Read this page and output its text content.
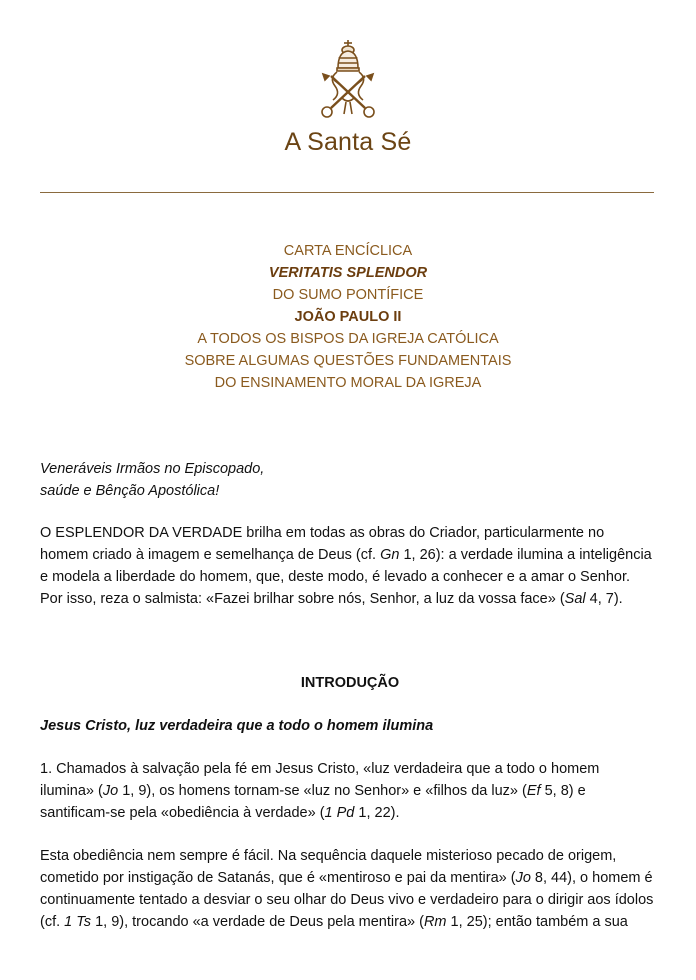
A Santa Sé
CARTA ENCÍCLICA
VERITATIS SPLENDOR
DO SUMO PONTÍFICE
JOÃO PAULO II
A TODOS OS BISPOS DA IGREJA CATÓLICA
SOBRE ALGUMAS QUESTÕES FUNDAMENTAIS
DO ENSINAMENTO MORAL DA IGREJA
Veneráveis Irmãos no Episcopado,
saúde e Bênção Apostólica!

O ESPLENDOR DA VERDADE brilha em todas as obras do Criador, particularmente no homem criado à imagem e semelhança de Deus (cf. Gn 1, 26): a verdade ilumina a inteligência e modela a liberdade do homem, que, deste modo, é levado a conhecer e a amar o Senhor. Por isso, reza o salmista: «Fazei brilhar sobre nós, Senhor, a luz da vossa face» (Sal 4, 7).

INTRODUÇÃO
Jesus Cristo, luz verdadeira que a todo o homem ilumina

1. Chamados à salvação pela fé em Jesus Cristo, «luz verdadeira que a todo o homem ilumina» (Jo 1, 9), os homens tornam-se «luz no Senhor» e «filhos da luz» (Ef 5, 8) e santificam-se pela «obediência à verdade» (1 Pd 1, 22).

Esta obediência nem sempre é fácil. Na sequência daquele misterioso pecado de origem, cometido por instigação de Satanás, que é «mentiroso e pai da mentira» (Jo 8, 44), o homem é continuamente tentado a desviar o seu olhar do Deus vivo e verdadeiro para o dirigir aos ídolos (cf. 1 Ts 1, 9), trocando «a verdade de Deus pela mentira» (Rm 1, 25); então também a sua
